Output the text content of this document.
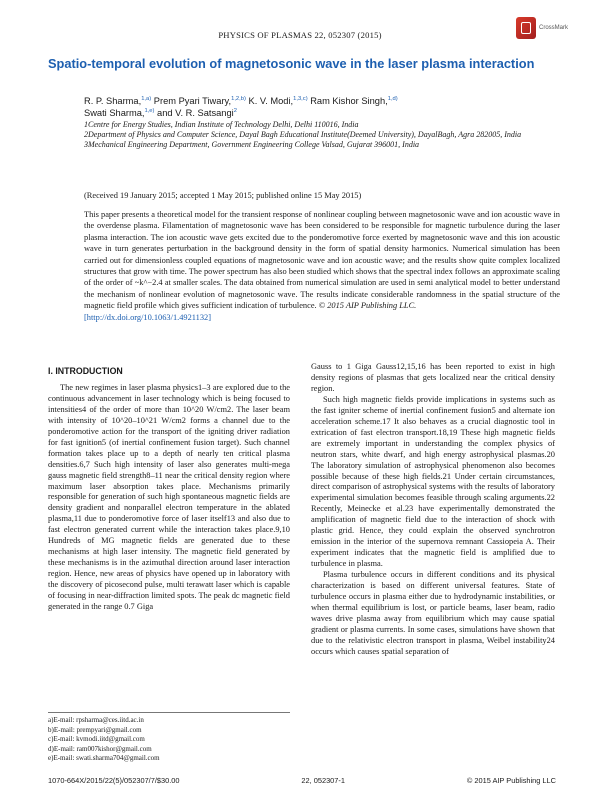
PHYSICS OF PLASMAS 22, 052307 (2015)
CrossMark
Spatio-temporal evolution of magnetosonic wave in the laser plasma interaction
R. P. Sharma,$^{1,a)}$ Prem Pyari Tiwary,$^{1,2,b)}$ K. V. Modi,$^{1,3,c)}$ Ram Kishor Singh,$^{1,d)}$
Swati Sharma,$^{1,e)}$ and V. R. Satsangi$^2$

1Centre for Energy Studies, Indian Institute of Technology Delhi, Delhi 110016, India

2Department of Physics and Computer Science, Dayal Bagh Educational Institute(Deemed University), DayalBagh, Agra 282005, India

3Mechanical Engineering Department, Government Engineering College Valsad, Gujarat 396001, India

(Received 19 January 2015; accepted 1 May 2015; published online 15 May 2015)
This paper presents a theoretical model for the transient response of nonlinear coupling between magnetosonic wave and ion acoustic wave in the overdense plasma. Filamentation of magnetosonic wave has been considered to be responsible for magnetic turbulence during the laser plasma interaction. The ion acoustic wave gets excited due to the ponderomotive force exerted by magnetosonic wave and this ion acoustic wave in turn generates perturbation in the background density in the form of spatial density harmonics. Numerical simulation has been carried out for dimensionless coupled equations of magnetosonic wave and ion acoustic wave; and the results show quite complex localized structures that grow with time. The power spectrum has also been studied which shows that the spectral index follows an approximate scaling of the order of ~k^−2.4 at smaller scales. The data obtained from numerical simulation are used in semi analytical model to better understand the mechanism of nonlinear evolution of magnetosonic wave. The results indicate considerable randomness in the spatial structure of the magnetic field profile which gives sufficient indication of turbulence. © 2015 AIP Publishing LLC.
[http://dx.doi.org/10.1063/1.4921132]
I. INTRODUCTION

The new regimes in laser plasma physics1–3 are explored due to the continuous advancement in laser technology which is being focused to intensities4 of the order of more than 10^20 W/cm2. The laser beam with intensity of 10^20–10^21 W/cm2 forms a channel due to the ponderomotive action for the transport of the igniting driver radiation for fast ignition5 (of inertial confinement fusion target). Such channel formation takes place up to a depth of nearly ten critical plasma densities.6,7 Such high intensity of laser also generates multi-mega gauss magnetic field strength8–11 near the critical density region where maximum laser absorption takes place. Mechanisms primarily responsible for generation of such high spontaneous magnetic fields are density gradient and nonparallel electron temperature in the ablated plasma,11 due to ponderomotive force of laser itself13 and also due to fast electron generated current while the interaction takes place.9,10 Hundreds of MG magnetic fields are generated due to these mechanisms at high laser intensity. The magnetic field generated by these mechanisms is in the azimuthal direction around laser interaction region. Hence, new areas of physics have opened up in laboratory with the discovery of picosecond pulse, multi terawatt laser which is capable of focusing in near-diffraction limited spots. The peak dc magnetic field generated in the range 0.7 Giga

Gauss to 1 Giga Gauss12,15,16 has been reported to exist in high density regions of plasmas that gets localized near the critical density region.

Such high magnetic fields provide implications in systems such as the fast igniter scheme of inertial confinement fusion5 and alternate ion acceleration scheme.17 It also behaves as a crucial diagnostic tool in extrication of fast electron transport.18,19 These high magnetic fields are extremely important in understanding the complex physics of neutron stars, white dwarf, and high energy astrophysical plasmas.20 The laboratory simulation of astrophysical phenomenon also becomes possible because of these high fields.21 Under certain circumstances, direct comparison of astrophysical systems with the results of laboratory experimental simulation becomes feasible through scaling arguments.22 Recently, Meinecke et al.23 have experimentally demonstrated the amplification of magnetic field due to the interaction of shock with plastic grid. Hence, they could explain the observed synchrotron emission in the interior of the supernova remnant Cassiopeia A. Their experiment indicates that the magnetic field is amplified due to turbulence in plasma.

Plasma turbulence occurs in different conditions and its physical characterization is based on different universal features. State of turbulence occurs in plasma either due to hydrodynamic instabilities, or when thermal equilibrium is lost, or particle beams, laser beam, radio waves drive plasma away from equilibrium which may cause spatial gradient or plasma currents. In some cases, simulations have shown that due to the relativistic electron transport in plasma, Weibel instability24 occurs which causes spatial separation of

a)E-mail: rpsharma@ces.iitd.ac.in
b)E-mail: prempyari@gmail.com
c)E-mail: kvmodi.iitd@gmail.com
d)E-mail: ram007kishor@gmail.com
e)E-mail: swati.sharma704@gmail.com
1070-664X/2015/22(5)/052307/7/$30.00	22, 052307-1	© 2015 AIP Publishing LLC
